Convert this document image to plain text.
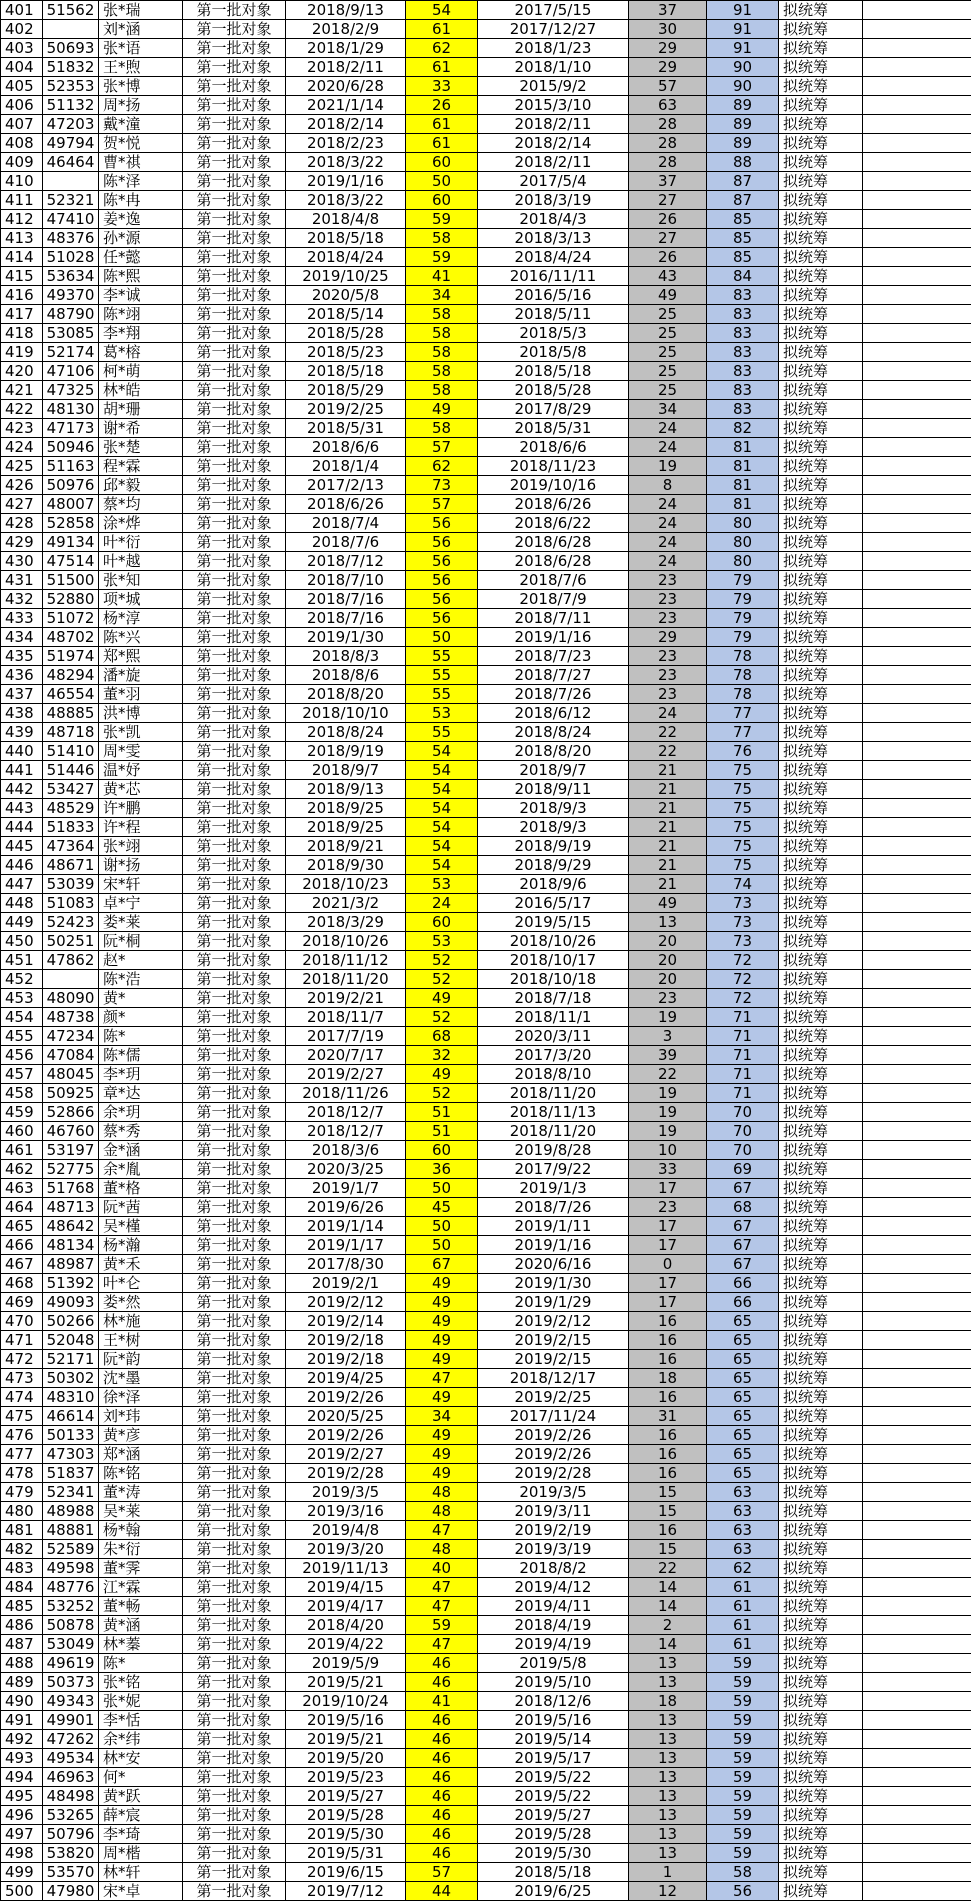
401	51562	张*瑞	第一批对象	2018/9/13	54	2017/5/15	37	91	拟统筹	
402		刘*涵	第一批对象	2018/2/9	61	2017/12/27	30	91	拟统筹	
403	50693	张*语	第一批对象	2018/1/29	62	2018/1/23	29	91	拟统筹	
404	51832	王*煦	第一批对象	2018/2/11	61	2018/1/10	29	90	拟统筹	
405	52353	张*博	第一批对象	2020/6/28	33	2015/9/2	57	90	拟统筹	
406	51132	周*扬	第一批对象	2021/1/14	26	2015/3/10	63	89	拟统筹	
407	47203	戴*潼	第一批对象	2018/2/14	61	2018/2/11	28	89	拟统筹	
408	49794	贺*悦	第一批对象	2018/2/23	61	2018/2/14	28	89	拟统筹	
409	46464	曹*祺	第一批对象	2018/3/22	60	2018/2/11	28	88	拟统筹	
410		陈*泽	第一批对象	2019/1/16	50	2017/5/4	37	87	拟统筹	
411	52321	陈*冉	第一批对象	2018/3/22	60	2018/3/19	27	87	拟统筹	
412	47410	姜*逸	第一批对象	2018/4/8	59	2018/4/3	26	85	拟统筹	
413	48376	孙*源	第一批对象	2018/5/18	58	2018/3/13	27	85	拟统筹	
414	51028	任*懿	第一批对象	2018/4/24	59	2018/4/24	26	85	拟统筹	
415	53634	陈*熙	第一批对象	2019/10/25	41	2016/11/11	43	84	拟统筹	
416	49370	李*诚	第一批对象	2020/5/8	34	2016/5/16	49	83	拟统筹	
417	48790	陈*翊	第一批对象	2018/5/14	58	2018/5/11	25	83	拟统筹	
418	53085	李*翔	第一批对象	2018/5/28	58	2018/5/3	25	83	拟统筹	
419	52174	葛*榕	第一批对象	2018/5/23	58	2018/5/8	25	83	拟统筹	
420	47106	柯*萌	第一批对象	2018/5/18	58	2018/5/18	25	83	拟统筹	
421	47325	林*皓	第一批对象	2018/5/29	58	2018/5/28	25	83	拟统筹	
422	48130	胡*珊	第一批对象	2019/2/25	49	2017/8/29	34	83	拟统筹	
423	47173	谢*希	第一批对象	2018/5/31	58	2018/5/31	24	82	拟统筹	
424	50946	张*楚	第一批对象	2018/6/6	57	2018/6/6	24	81	拟统筹	
425	51163	程*霖	第一批对象	2018/1/4	62	2018/11/23	19	81	拟统筹	
426	50976	邱*毅	第一批对象	2017/2/13	73	2019/10/16	8	81	拟统筹	
427	48007	蔡*均	第一批对象	2018/6/26	57	2018/6/26	24	81	拟统筹	
428	52858	涂*烨	第一批对象	2018/7/4	56	2018/6/22	24	80	拟统筹	
429	49134	叶*衍	第一批对象	2018/7/6	56	2018/6/28	24	80	拟统筹	
430	47514	叶*越	第一批对象	2018/7/12	56	2018/6/28	24	80	拟统筹	
431	51500	张*知	第一批对象	2018/7/10	56	2018/7/6	23	79	拟统筹	
432	52880	项*城	第一批对象	2018/7/16	56	2018/7/9	23	79	拟统筹	
433	51072	杨*淳	第一批对象	2018/7/16	56	2018/7/11	23	79	拟统筹	
434	48702	陈*兴	第一批对象	2019/1/30	50	2019/1/16	29	79	拟统筹	
435	51974	郑*熙	第一批对象	2018/8/3	55	2018/7/23	23	78	拟统筹	
436	48294	潘*旋	第一批对象	2018/8/6	55	2018/7/27	23	78	拟统筹	
437	46554	董*羽	第一批对象	2018/8/20	55	2018/7/26	23	78	拟统筹	
438	48885	洪*博	第一批对象	2018/10/10	53	2018/6/12	24	77	拟统筹	
439	48718	张*凯	第一批对象	2018/8/24	55	2018/8/24	22	77	拟统筹	
440	51410	周*雯	第一批对象	2018/9/19	54	2018/8/20	22	76	拟统筹	
441	51446	温*妤	第一批对象	2018/9/7	54	2018/9/7	21	75	拟统筹	
442	53427	黄*芯	第一批对象	2018/9/13	54	2018/9/11	21	75	拟统筹	
443	48529	许*鹏	第一批对象	2018/9/25	54	2018/9/3	21	75	拟统筹	
444	51833	许*程	第一批对象	2018/9/25	54	2018/9/3	21	75	拟统筹	
445	47364	张*翊	第一批对象	2018/9/21	54	2018/9/19	21	75	拟统筹	
446	48671	谢*扬	第一批对象	2018/9/30	54	2018/9/29	21	75	拟统筹	
447	53039	宋*轩	第一批对象	2018/10/23	53	2018/9/6	21	74	拟统筹	
448	51083	卓*宁	第一批对象	2021/3/2	24	2016/5/17	49	73	拟统筹	
449	52423	娄*莱	第一批对象	2018/3/29	60	2019/5/15	13	73	拟统筹	
450	50251	阮*桐	第一批对象	2018/10/26	53	2018/10/26	20	73	拟统筹	
451	47862	赵*	第一批对象	2018/11/12	52	2018/10/17	20	72	拟统筹	
452		陈*浩	第一批对象	2018/11/20	52	2018/10/18	20	72	拟统筹	
453	48090	黄*	第一批对象	2019/2/21	49	2018/7/18	23	72	拟统筹	
454	48738	颜*	第一批对象	2018/11/7	52	2018/11/1	19	71	拟统筹	
455	47234	陈*	第一批对象	2017/7/19	68	2020/3/11	3	71	拟统筹	
456	47084	陈*儒	第一批对象	2020/7/17	32	2017/3/20	39	71	拟统筹	
457	48045	李*玥	第一批对象	2019/2/27	49	2018/8/10	22	71	拟统筹	
458	50925	章*达	第一批对象	2018/11/26	52	2018/11/20	19	71	拟统筹	
459	52866	余*玥	第一批对象	2018/12/7	51	2018/11/13	19	70	拟统筹	
460	46760	蔡*秀	第一批对象	2018/12/7	51	2018/11/20	19	70	拟统筹	
461	53197	金*涵	第一批对象	2018/3/6	60	2019/8/28	10	70	拟统筹	
462	52775	余*胤	第一批对象	2020/3/25	36	2017/9/22	33	69	拟统筹	
463	51768	董*格	第一批对象	2019/1/7	50	2019/1/3	17	67	拟统筹	
464	48713	阮*茜	第一批对象	2019/6/26	45	2018/7/26	23	68	拟统筹	
465	48642	吴*槿	第一批对象	2019/1/14	50	2019/1/11	17	67	拟统筹	
466	48134	杨*瀚	第一批对象	2019/1/17	50	2019/1/16	17	67	拟统筹	
467	48987	黄*禾	第一批对象	2017/8/30	67	2020/6/16	0	67	拟统筹	
468	51392	叶*仑	第一批对象	2019/2/1	49	2019/1/30	17	66	拟统筹	
469	49093	娄*然	第一批对象	2019/2/12	49	2019/1/29	17	66	拟统筹	
470	50266	林*施	第一批对象	2019/2/14	49	2019/2/12	16	65	拟统筹	
471	52048	王*树	第一批对象	2019/2/18	49	2019/2/15	16	65	拟统筹	
472	52171	阮*韵	第一批对象	2019/2/18	49	2019/2/15	16	65	拟统筹	
473	50302	沈*墨	第一批对象	2019/4/25	47	2018/12/17	18	65	拟统筹	
474	48310	徐*泽	第一批对象	2019/2/26	49	2019/2/25	16	65	拟统筹	
475	46614	刘*玮	第一批对象	2020/5/25	34	2017/11/24	31	65	拟统筹	
476	50133	黄*彦	第一批对象	2019/2/26	49	2019/2/26	16	65	拟统筹	
477	47303	郑*涵	第一批对象	2019/2/27	49	2019/2/26	16	65	拟统筹	
478	51837	陈*铭	第一批对象	2019/2/28	49	2019/2/28	16	65	拟统筹	
479	52341	董*涛	第一批对象	2019/3/5	48	2019/3/5	15	63	拟统筹	
480	48988	吴*莱	第一批对象	2019/3/16	48	2019/3/11	15	63	拟统筹	
481	48881	杨*翰	第一批对象	2019/4/8	47	2019/2/19	16	63	拟统筹	
482	52589	朱*衍	第一批对象	2019/3/20	48	2019/3/19	15	63	拟统筹	
483	49598	董*霁	第一批对象	2019/11/13	40	2018/8/2	22	62	拟统筹	
484	48776	江*霖	第一批对象	2019/4/15	47	2019/4/12	14	61	拟统筹	
485	53252	董*畅	第一批对象	2019/4/17	47	2019/4/11	14	61	拟统筹	
486	50878	黄*涵	第一批对象	2018/4/20	59	2018/4/19	2	61	拟统筹	
487	53049	林*蓁	第一批对象	2019/4/22	47	2019/4/19	14	61	拟统筹	
488	49619	陈*	第一批对象	2019/5/9	46	2019/5/8	13	59	拟统筹	
489	50373	张*铭	第一批对象	2019/5/21	46	2019/5/10	13	59	拟统筹	
490	49343	张*妮	第一批对象	2019/10/24	41	2018/12/6	18	59	拟统筹	
491	49901	李*恬	第一批对象	2019/5/16	46	2019/5/16	13	59	拟统筹	
492	47262	余*纬	第一批对象	2019/5/21	46	2019/5/14	13	59	拟统筹	
493	49534	林*安	第一批对象	2019/5/20	46	2019/5/17	13	59	拟统筹	
494	46963	何*	第一批对象	2019/5/23	46	2019/5/22	13	59	拟统筹	
495	48498	黄*跃	第一批对象	2019/5/27	46	2019/5/22	13	59	拟统筹	
496	53265	薛*宸	第一批对象	2019/5/28	46	2019/5/27	13	59	拟统筹	
497	50796	李*琦	第一批对象	2019/5/30	46	2019/5/28	13	59	拟统筹	
498	53820	周*楷	第一批对象	2019/5/31	46	2019/5/30	13	59	拟统筹	
499	53570	林*轩	第一批对象	2019/6/15	57	2018/5/18	1	58	拟统筹	
500	47980	宋*卓	第一批对象	2019/7/12	44	2019/6/25	12	56	拟统筹	
